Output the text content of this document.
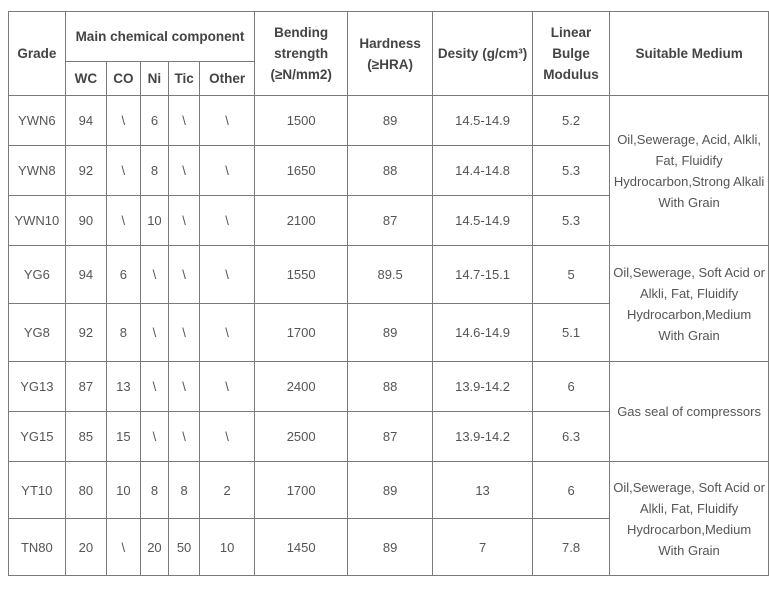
Grade	Main chemical component					Bending strength (≥N/mm2)	Hardness (≥HRA)	Desity (g/cm³)	Linear Bulge Modulus	Suitable Medium
	WC	CO	Ni	Tic	Other					
YWN6	94	\	6	\	\	1500	89	14.5-14.9	5.2	Oil,Sewerage, Acid, Alkli, Fat, Fluidify Hydrocarbon,Strong Alkali With Grain
YWN8	92	\	8	\	\	1650	88	14.4-14.8	5.3	
YWN10	90	\	10	\	\	2100	87	14.5-14.9	5.3	
YG6	94	6	\	\	\	1550	89.5	14.7-15.1	5	Oil,Sewerage, Soft Acid or Alkli, Fat, Fluidify Hydrocarbon,Medium With Grain
YG8	92	8	\	\	\	1700	89	14.6-14.9	5.1	
YG13	87	13	\	\	\	2400	88	13.9-14.2	6	Gas seal of compressors
YG15	85	15	\	\	\	2500	87	13.9-14.2	6.3	
YT10	80	10	8	8	2	1700	89	13	6	Oil,Sewerage, Soft Acid or Alkli, Fat, Fluidify Hydrocarbon,Medium With Grain
TN80	20	\	20	50	10	1450	89	7	7.8	
